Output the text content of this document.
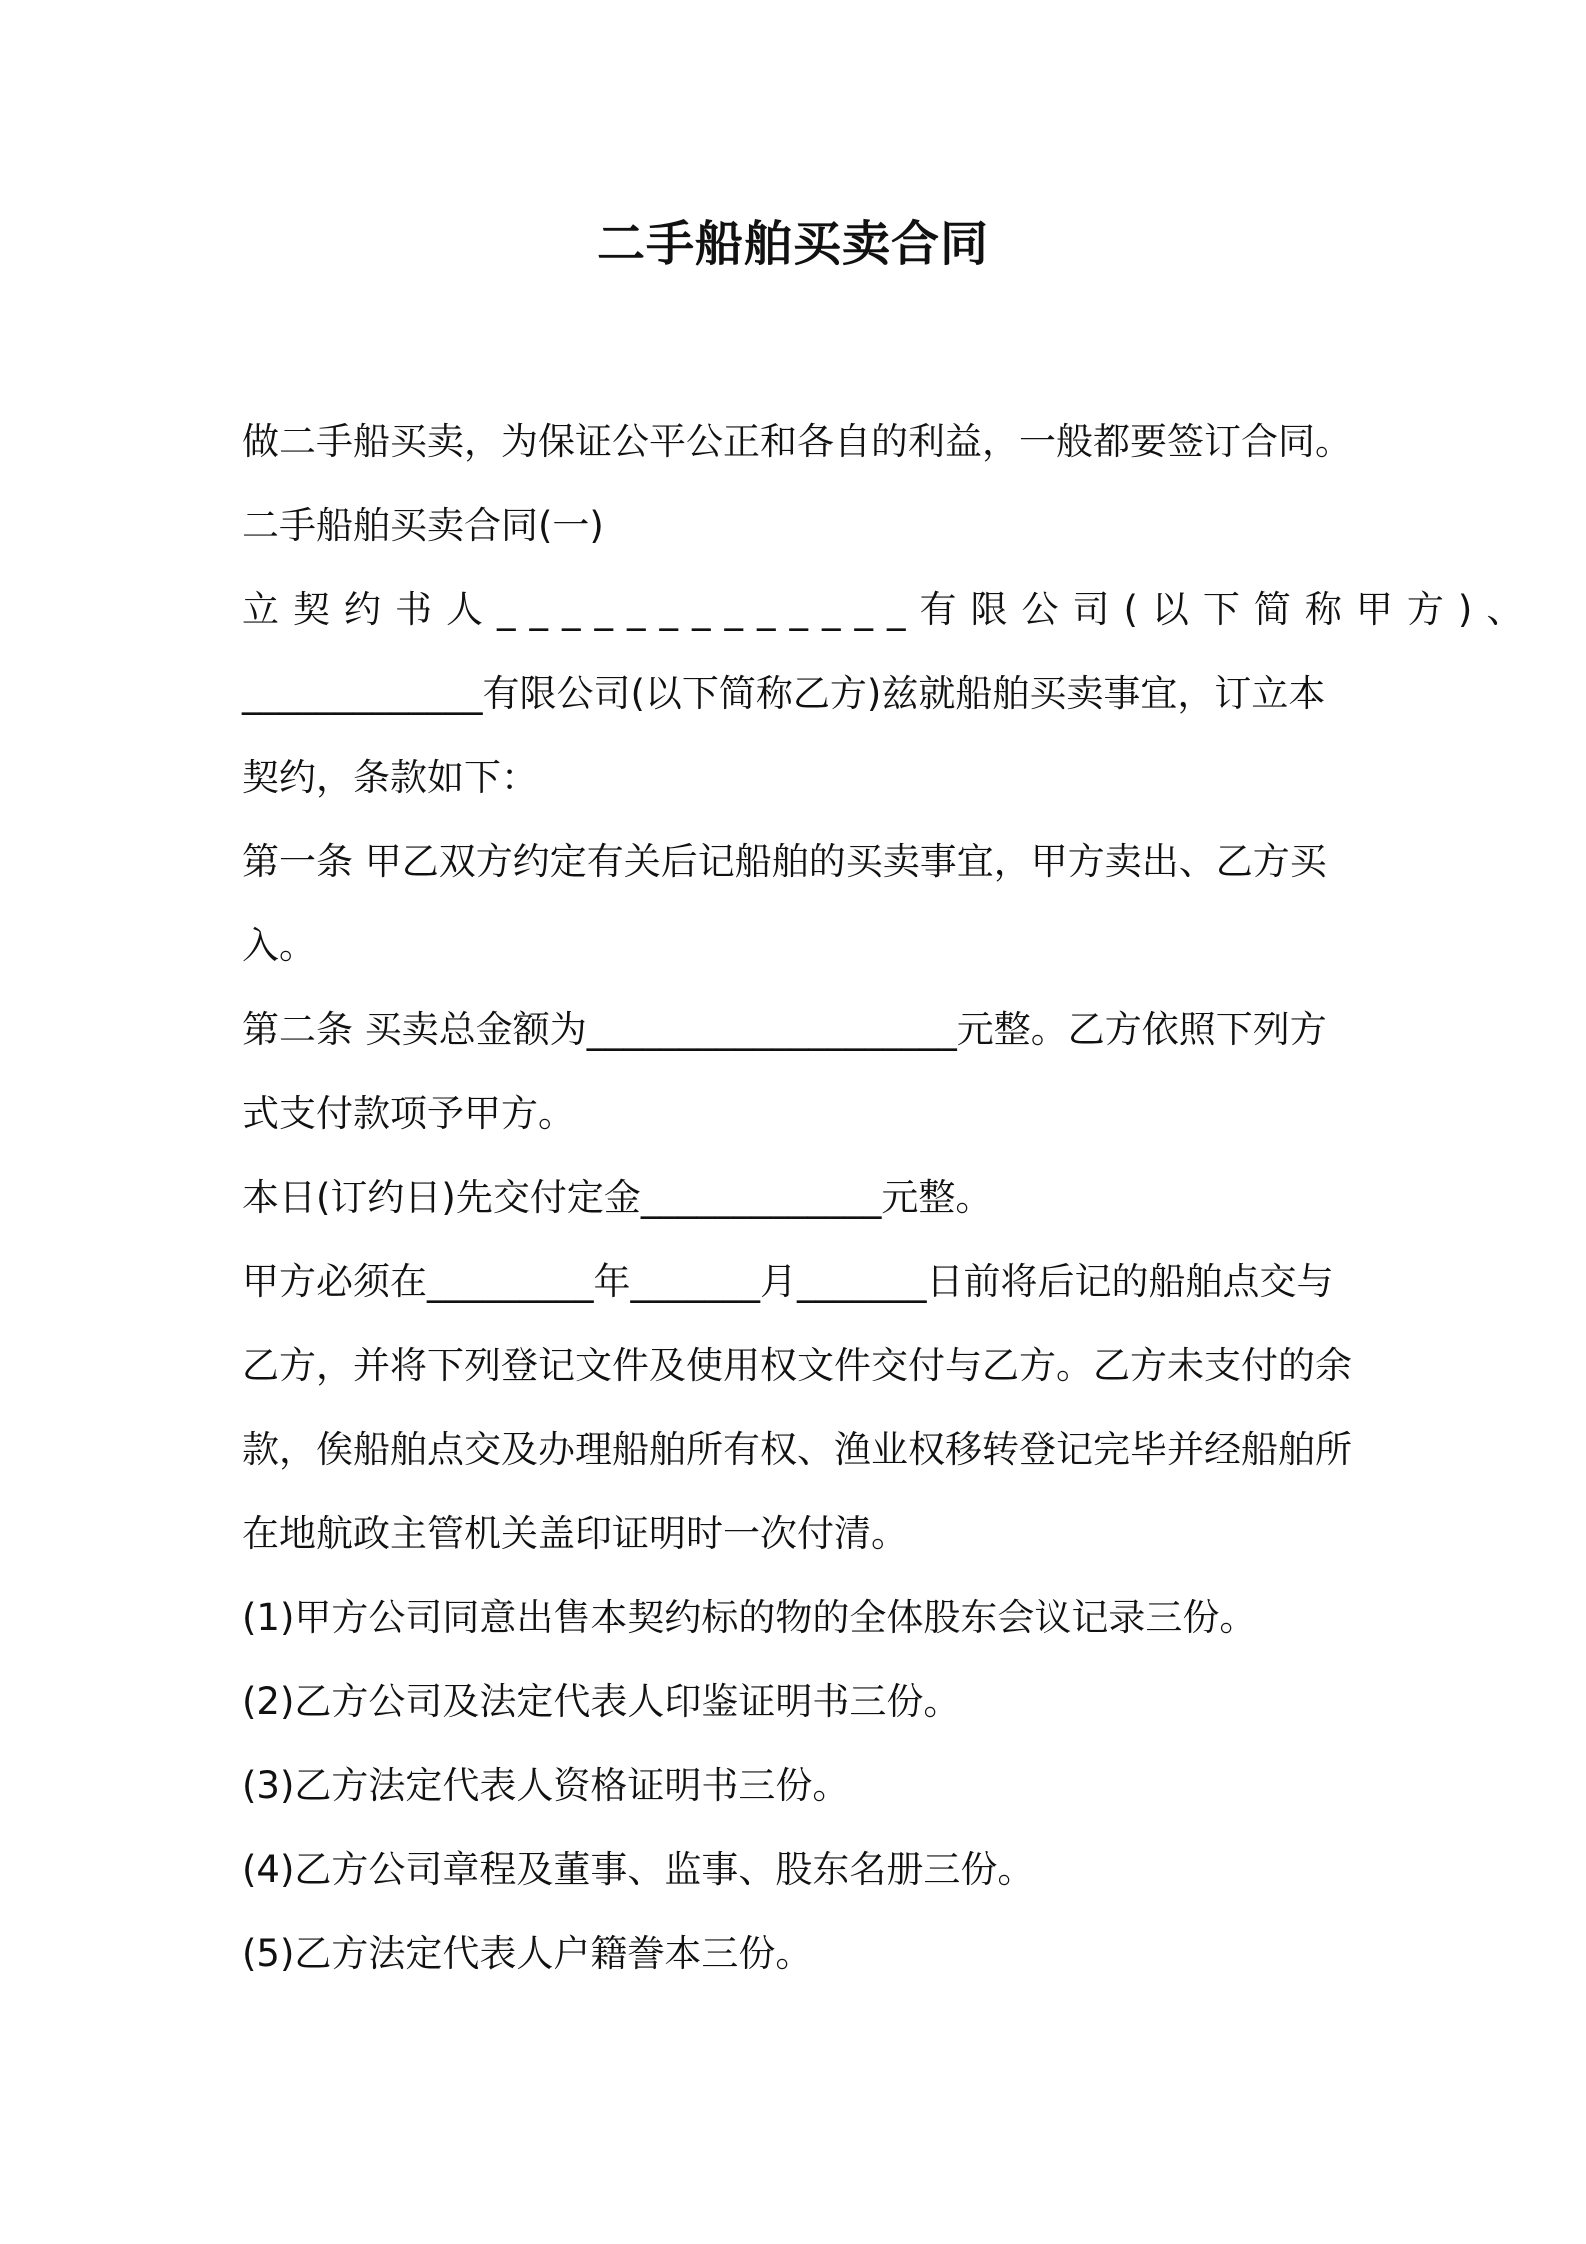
二手船舶买卖合同
做二手船买卖，为保证公平公正和各自的利益，一般都要签订合同。
二手船舶买卖合同(一)
立契约书人_____________有限公司(以下简称甲方)、
_____________有限公司(以下简称乙方)兹就船舶买卖事宜，订立本
契约，条款如下：
第一条 甲乙双方约定有关后记船舶的买卖事宜，甲方卖出、乙方买
入。
第二条 买卖总金额为____________________元整。乙方依照下列方
式支付款项予甲方。
本日(订约日)先交付定金_____________元整。
甲方必须在_________年_______月_______日前将后记的船舶点交与
乙方，并将下列登记文件及使用权文件交付与乙方。乙方未支付的余
款，俟船舶点交及办理船舶所有权、渔业权移转登记完毕并经船舶所
在地航政主管机关盖印证明时一次付清。
(1)甲方公司同意出售本契约标的物的全体股东会议记录三份。
(2)乙方公司及法定代表人印鉴证明书三份。
(3)乙方法定代表人资格证明书三份。
(4)乙方公司章程及董事、监事、股东名册三份。
(5)乙方法定代表人户籍誊本三份。
